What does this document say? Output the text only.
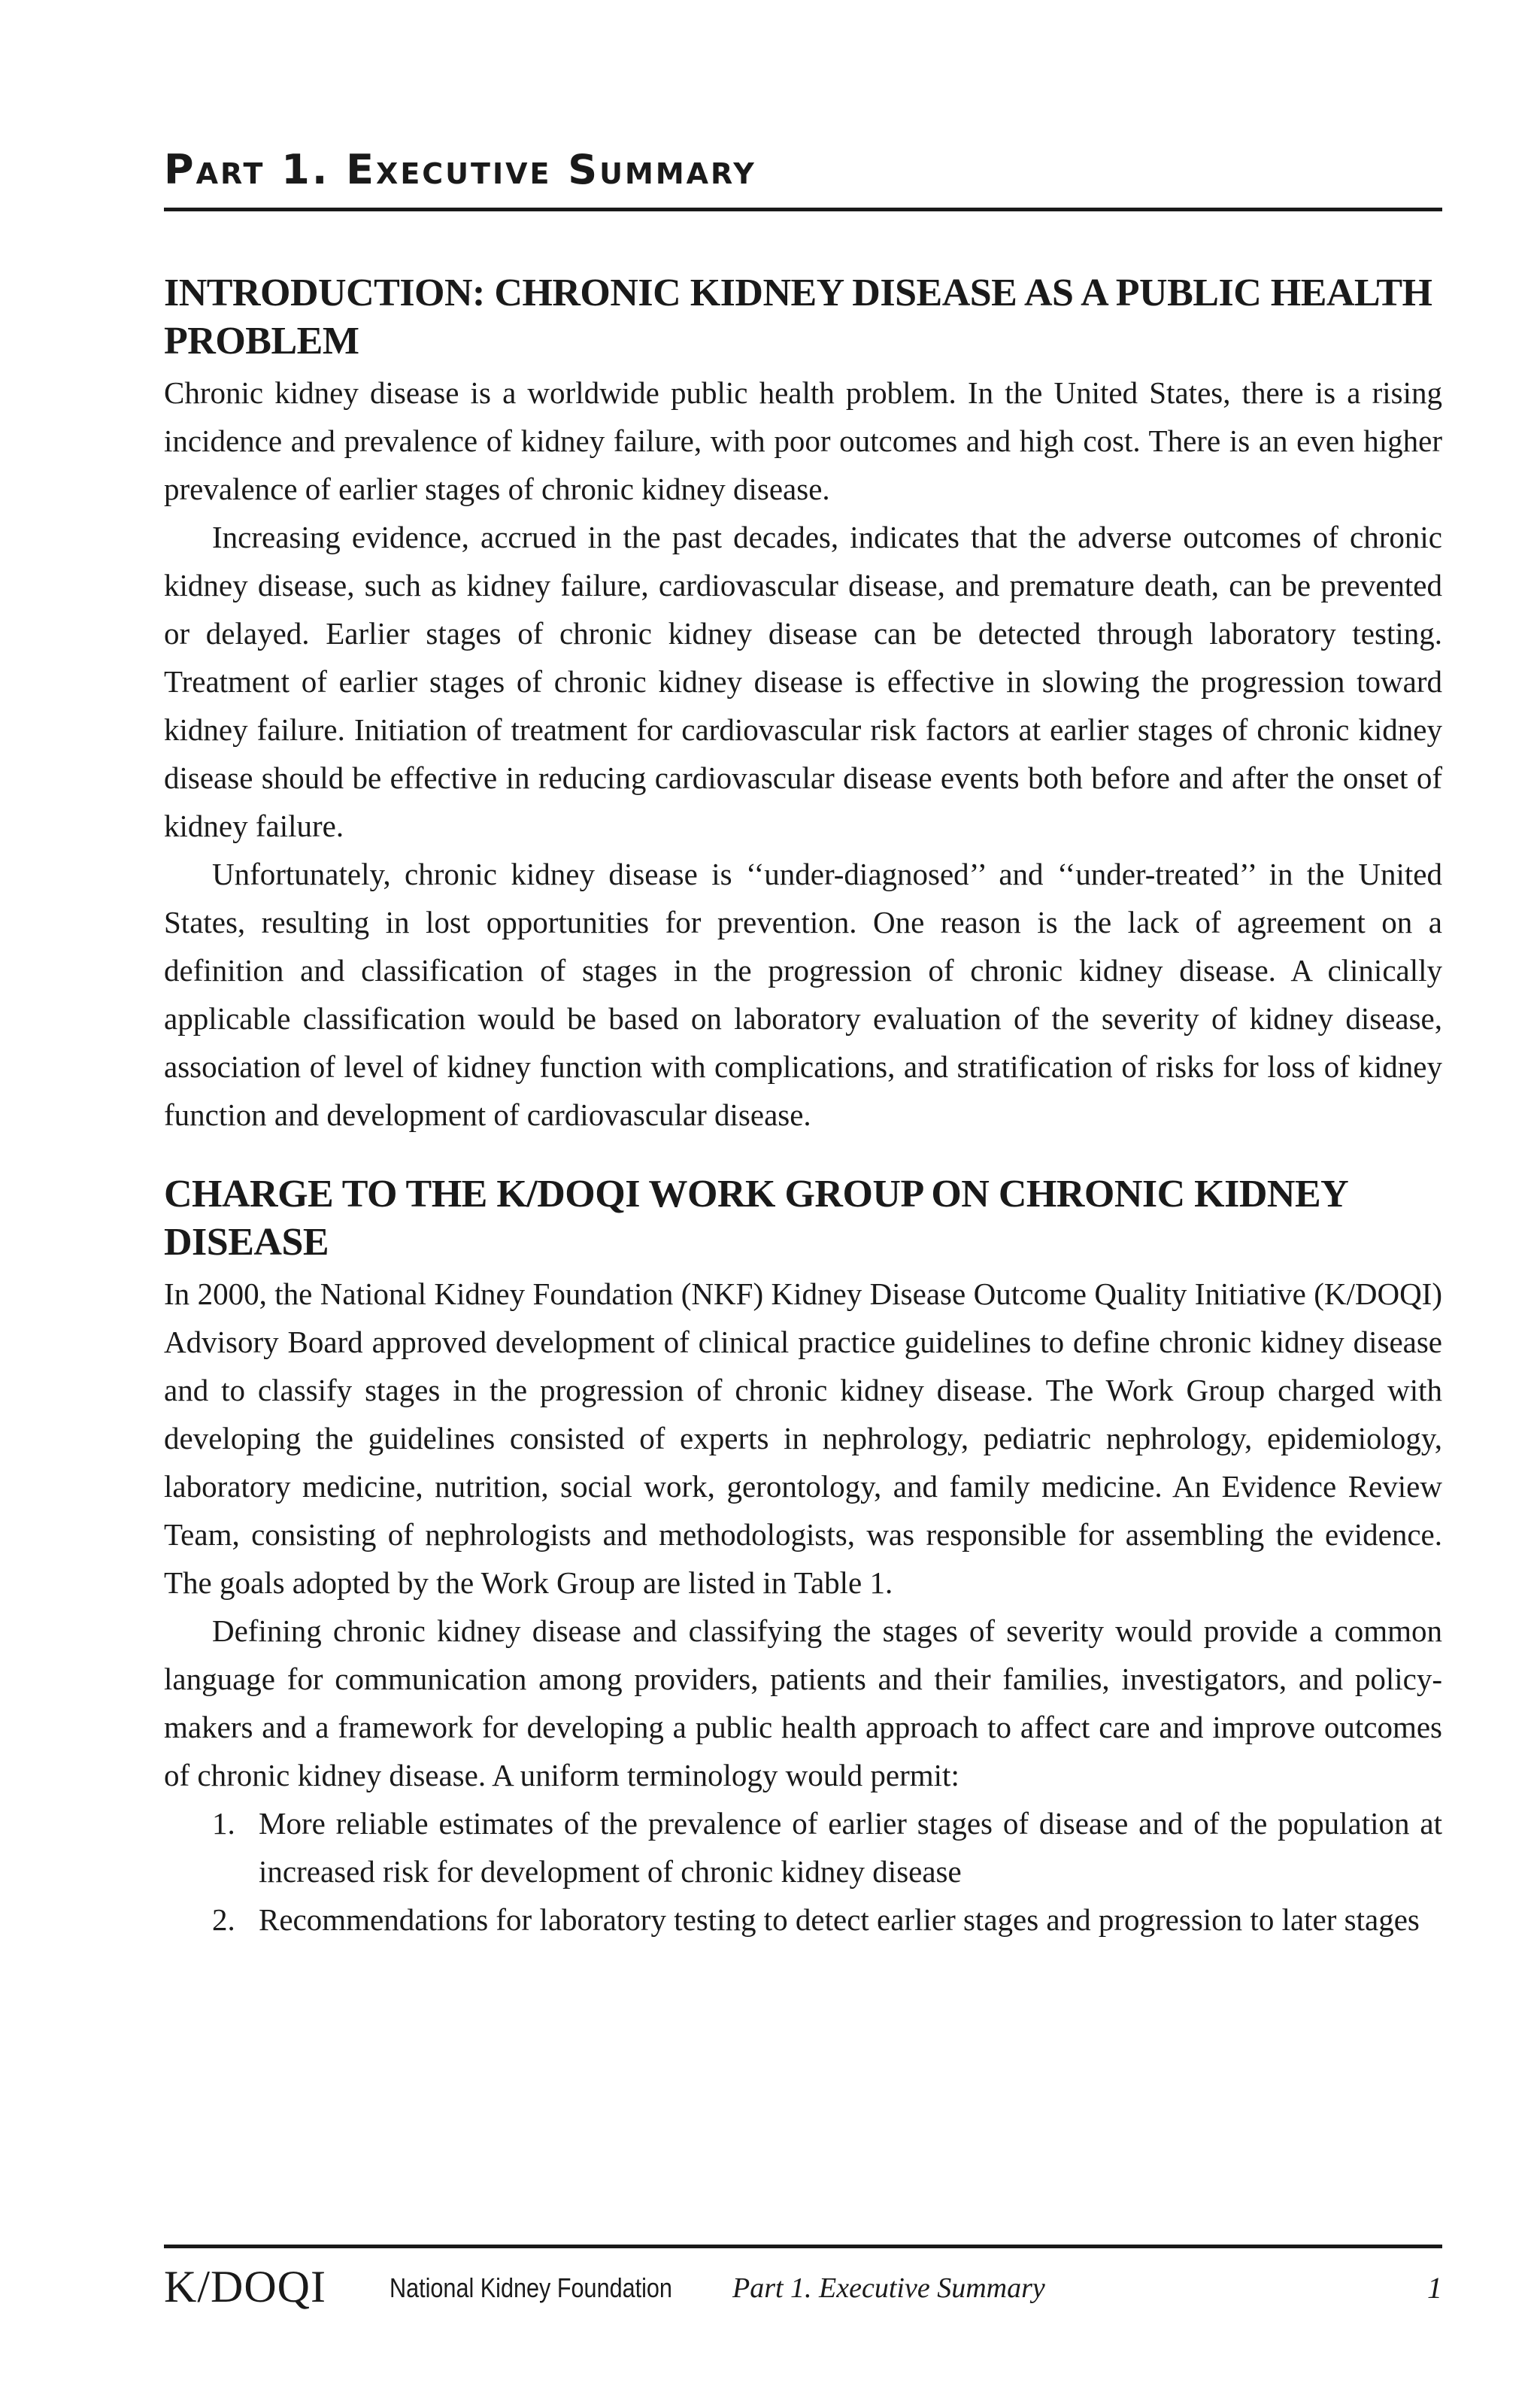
Part 1. Executive Summary
INTRODUCTION: CHRONIC KIDNEY DISEASE AS A PUBLIC HEALTH PROBLEM

Chronic kidney disease is a worldwide public health problem. In the United States, there is a rising incidence and prevalence of kidney failure, with poor outcomes and high cost. There is an even higher prevalence of earlier stages of chronic kidney disease.

Increasing evidence, accrued in the past decades, indicates that the adverse outcomes of chronic kidney disease, such as kidney failure, cardiovascular disease, and premature death, can be prevented or delayed. Earlier stages of chronic kidney disease can be detected through laboratory testing. Treatment of earlier stages of chronic kidney disease is effective in slowing the progression toward kidney failure. Initiation of treatment for cardiovascular risk factors at earlier stages of chronic kidney disease should be effective in reducing cardiovascular disease events both before and after the onset of kidney failure.

Unfortunately, chronic kidney disease is ‘‘under-diagnosed’’ and ‘‘under-treated’’ in the United States, resulting in lost opportunities for prevention. One reason is the lack of agreement on a definition and classification of stages in the progression of chronic kidney disease. A clinically applicable classification would be based on laboratory evaluation of the severity of kidney disease, association of level of kidney function with complications, and stratification of risks for loss of kidney function and development of cardiovascular disease.

CHARGE TO THE K/DOQI WORK GROUP ON CHRONIC KIDNEY DISEASE

In 2000, the National Kidney Foundation (NKF) Kidney Disease Outcome Quality Initiative (K/DOQI) Advisory Board approved development of clinical practice guidelines to define chronic kidney disease and to classify stages in the progression of chronic kidney disease. The Work Group charged with developing the guidelines consisted of experts in nephrology, pediatric nephrology, epidemiology, laboratory medicine, nutrition, social work, gerontology, and family medicine. An Evidence Review Team, consisting of nephrologists and methodologists, was responsible for assembling the evidence. The goals adopted by the Work Group are listed in Table 1.

Defining chronic kidney disease and classifying the stages of severity would provide a common language for communication among providers, patients and their families, investigators, and policy-makers and a framework for developing a public health approach to affect care and improve outcomes of chronic kidney disease. A uniform terminology would permit:

1. More reliable estimates of the prevalence of earlier stages of disease and of the population at increased risk for development of chronic kidney disease
2. Recommendations for laboratory testing to detect earlier stages and progression to later stages
K/DOQI National Kidney Foundation Part 1. Executive Summary	1
